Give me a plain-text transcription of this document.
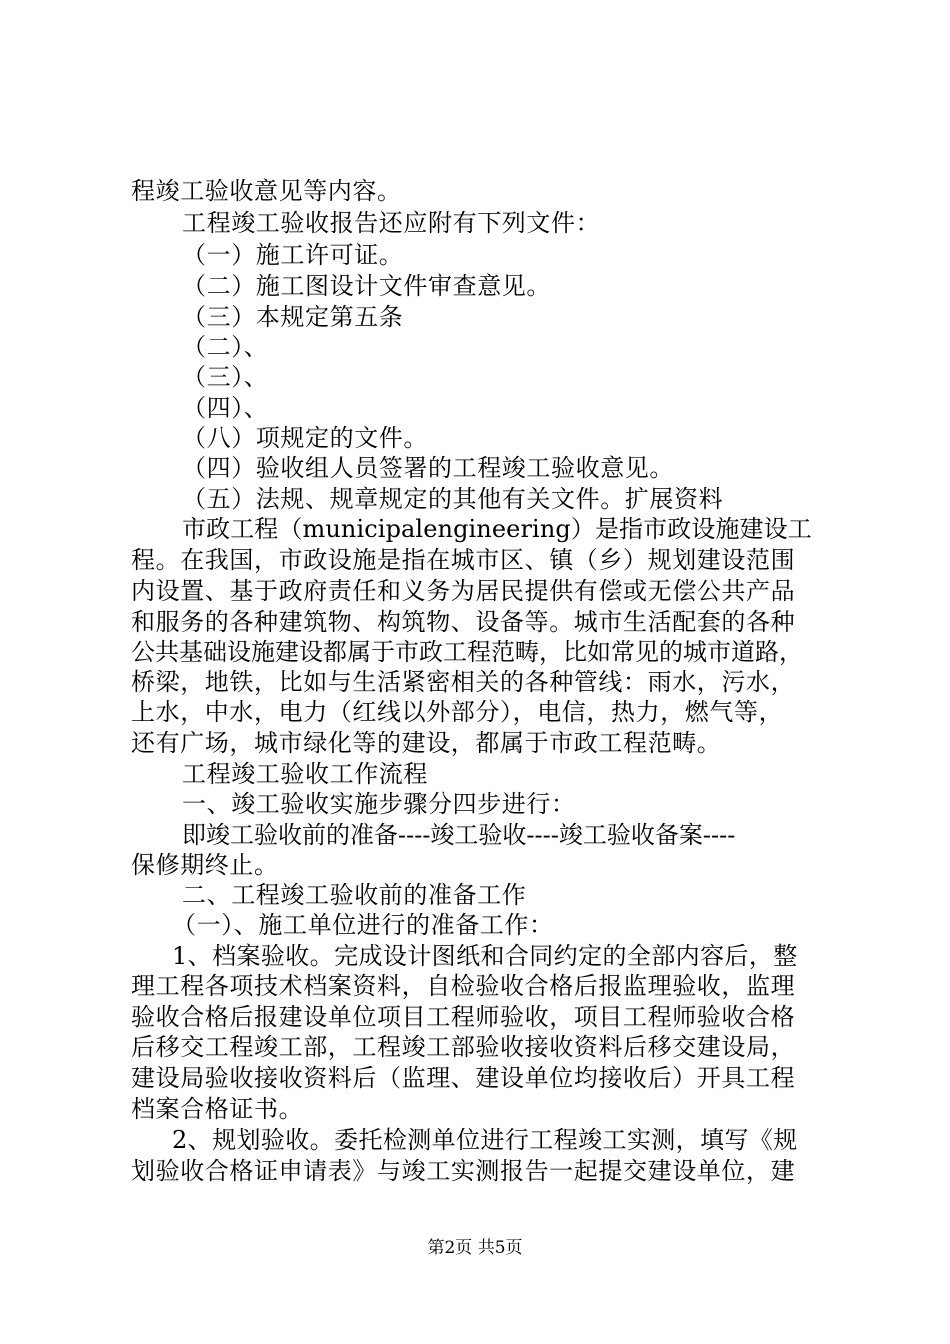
程竣工验收意见等内容。
工程竣工验收报告还应附有下列文件：
（一）施工许可证。
（二）施工图设计文件审查意见。
（三）本规定第五条
（二）、
（三）、
（四）、
（八）项规定的文件。
（四）验收组人员签署的工程竣工验收意见。
（五）法规、规章规定的其他有关文件。扩展资料
市政工程（municipalengineering）是指市政设施建设工
程。在我国，市政设施是指在城市区、镇（乡）规划建设范围
内设置、基于政府责任和义务为居民提供有偿或无偿公共产品
和服务的各种建筑物、构筑物、设备等。城市生活配套的各种
公共基础设施建设都属于市政工程范畴，比如常见的城市道路，
桥梁，地铁，比如与生活紧密相关的各种管线：雨水，污水，
上水，中水，电力（红线以外部分），电信，热力，燃气等，
还有广场，城市绿化等的建设，都属于市政工程范畴。
工程竣工验收工作流程
一、竣工验收实施步骤分四步进行：
即竣工验收前的准备----竣工验收----竣工验收备案----
保修期终止。
二、工程竣工验收前的准备工作
（一）、施工单位进行的准备工作：
1、档案验收。完成设计图纸和合同约定的全部内容后，整
理工程各项技术档案资料，自检验收合格后报监理验收，监理
验收合格后报建设单位项目工程师验收，项目工程师验收合格
后移交工程竣工部，工程竣工部验收接收资料后移交建设局，
建设局验收接收资料后（监理、建设单位均接收后）开具工程
档案合格证书。
2、规划验收。委托检测单位进行工程竣工实测，填写《规
划验收合格证申请表》与竣工实测报告一起提交建设单位，建
第2页 共5页
